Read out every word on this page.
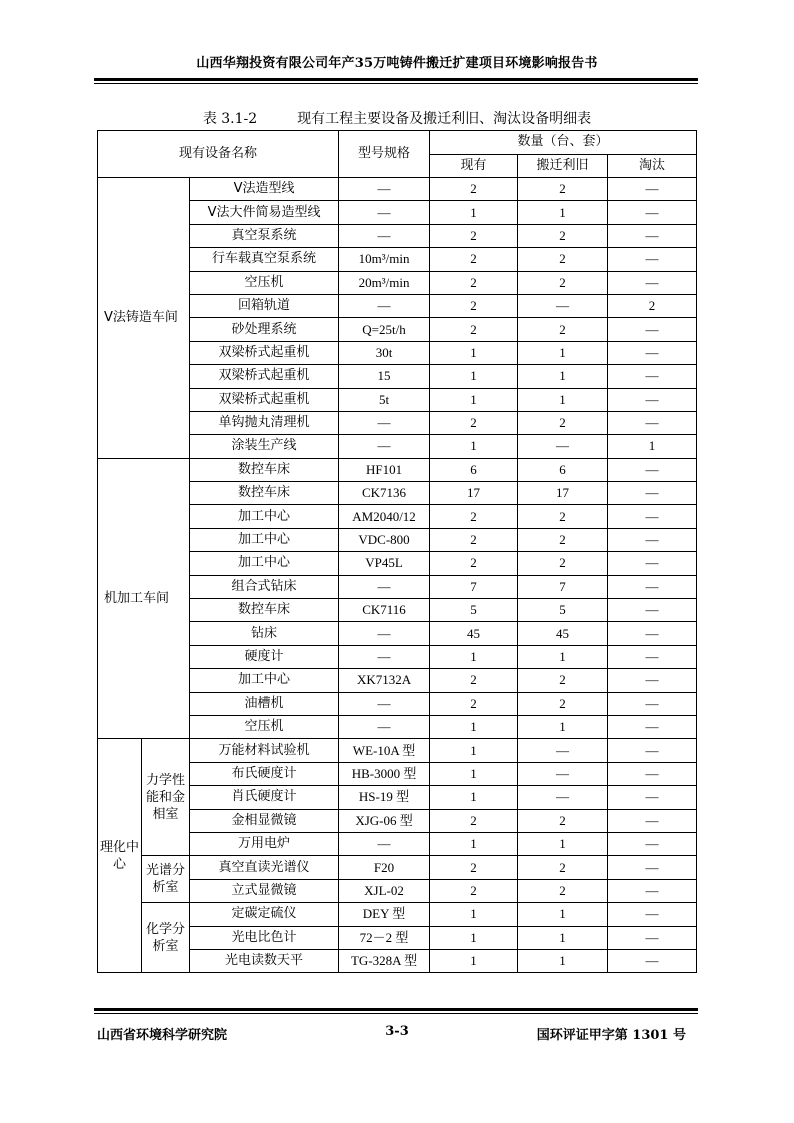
山西华翔投资有限公司年产35万吨铸件搬迁扩建项目环境影响报告书
表 3.1-2	现有工程主要设备及搬迁利旧、淘汰设备明细表
现有设备名称			型号规格	数量（台、套）		
				现有	搬迁利旧	淘汰
V法铸造车间		V法造型线	—	2	2	—
		V法大件简易造型线	—	1	1	—
		真空泵系统	—	2	2	—
		行车载真空泵系统	10m³/min	2	2	—
		空压机	20m³/min	2	2	—
		回箱轨道	—	2	—	2
		砂处理系统	Q=25t/h	2	2	—
		双梁桥式起重机	30t	1	1	—
		双梁桥式起重机	15	1	1	—
		双梁桥式起重机	5t	1	1	—
		单钩抛丸清理机	—	2	2	—
		涂装生产线	—	1	—	1
机加工车间		数控车床	HF101	6	6	—
		数控车床	CK7136	17	17	—
		加工中心	AM2040/12	2	2	—
		加工中心	VDC-800	2	2	—
		加工中心	VP45L	2	2	—
		组合式钻床	—	7	7	—
		数控车床	CK7116	5	5	—
		钻床	—	45	45	—
		硬度计	—	1	1	—
		加工中心	XK7132A	2	2	—
		油槽机	—	2	2	—
		空压机	—	1	1	—
理化中心	力学性能和金相室	万能材料试验机	WE-10A 型	1	—	—
		布氏硬度计	HB-3000 型	1	—	—
		肖氏硬度计	HS-19 型	1	—	—
		金相显微镜	XJG-06 型	2	2	—
		万用电炉	—	1	1	—
	光谱分析室	真空直读光谱仪	F20	2	2	—
		立式显微镜	XJL-02	2	2	—
	化学分析室	定碳定硫仪	DEY 型	1	1	—
		光电比色计	72－2 型	1	1	—
		光电读数天平	TG-328A 型	1	1	—
山西省环境科学研究院	3-3	国环评证甲字第 1301 号
